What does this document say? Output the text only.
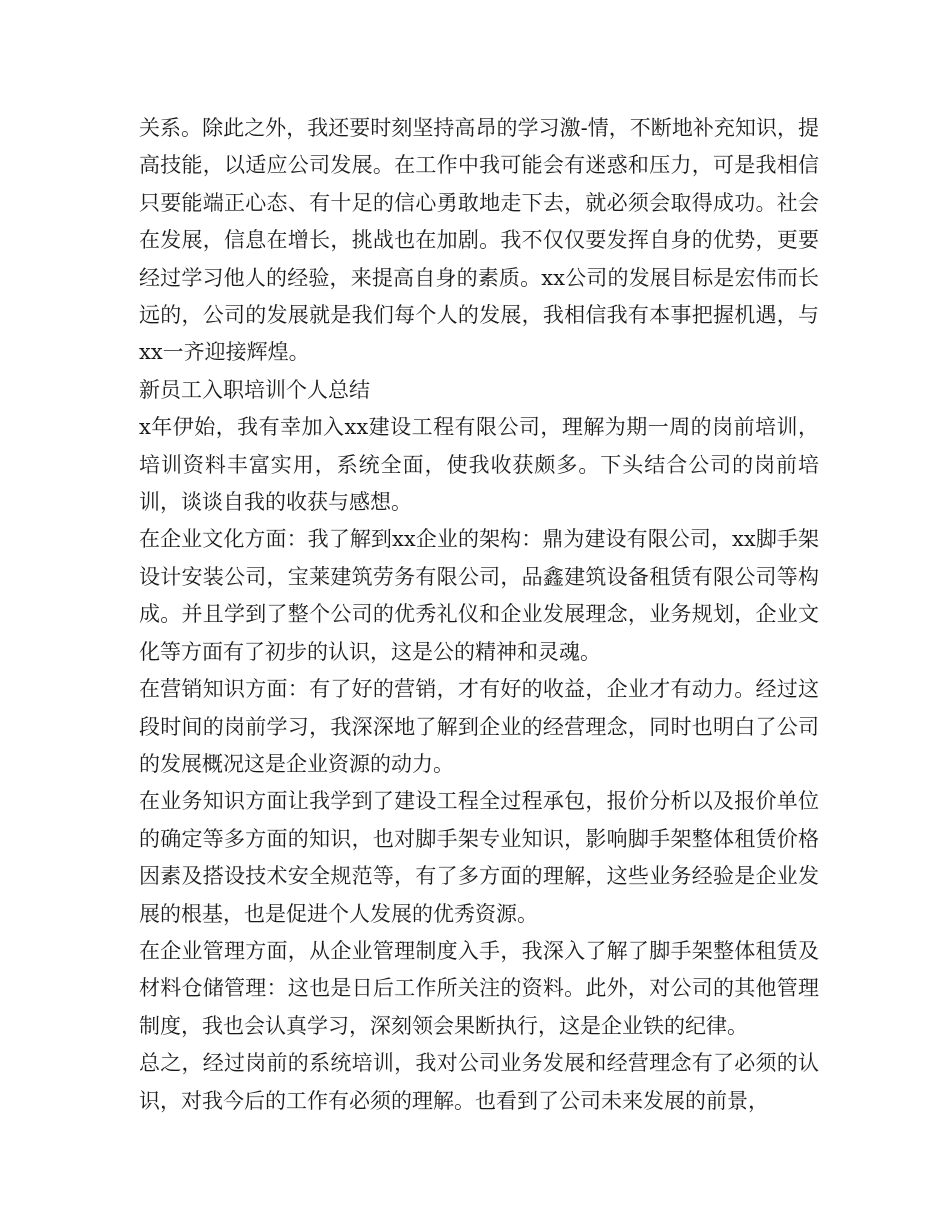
关系。除此之外，我还要时刻坚持高昂的学习激-情，不断地补充知识，提高技能，以适应公司发展。在工作中我可能会有迷惑和压力，可是我相信只要能端正心态、有十足的信心勇敢地走下去，就必须会取得成功。社会在发展，信息在增长，挑战也在加剧。我不仅仅要发挥自身的优势，更要经过学习他人的经验，来提高自身的素质。xx公司的发展目标是宏伟而长远的，公司的发展就是我们每个人的发展，我相信我有本事把握机遇，与xx一齐迎接辉煌。

新员工入职培训个人总结

x年伊始，我有幸加入xx建设工程有限公司，理解为期一周的岗前培训，培训资料丰富实用，系统全面，使我收获颇多。下头结合公司的岗前培训，谈谈自我的收获与感想。

在企业文化方面：我了解到xx企业的架构：鼎为建设有限公司，xx脚手架设计安装公司，宝莱建筑劳务有限公司，品鑫建筑设备租赁有限公司等构成。并且学到了整个公司的优秀礼仪和企业发展理念，业务规划，企业文化等方面有了初步的认识，这是公的精神和灵魂。

在营销知识方面：有了好的营销，才有好的收益，企业才有动力。经过这段时间的岗前学习，我深深地了解到企业的经营理念，同时也明白了公司的发展概况这是企业资源的动力。

在业务知识方面让我学到了建设工程全过程承包，报价分析以及报价单位的确定等多方面的知识，也对脚手架专业知识，影响脚手架整体租赁价格因素及搭设技术安全规范等，有了多方面的理解，这些业务经验是企业发展的根基，也是促进个人发展的优秀资源。

在企业管理方面，从企业管理制度入手，我深入了解了脚手架整体租赁及材料仓储管理：这也是日后工作所关注的资料。此外，对公司的其他管理制度，我也会认真学习，深刻领会果断执行，这是企业铁的纪律。

总之，经过岗前的系统培训，我对公司业务发展和经营理念有了必须的认识，对我今后的工作有必须的理解。也看到了公司未来发展的前景，
